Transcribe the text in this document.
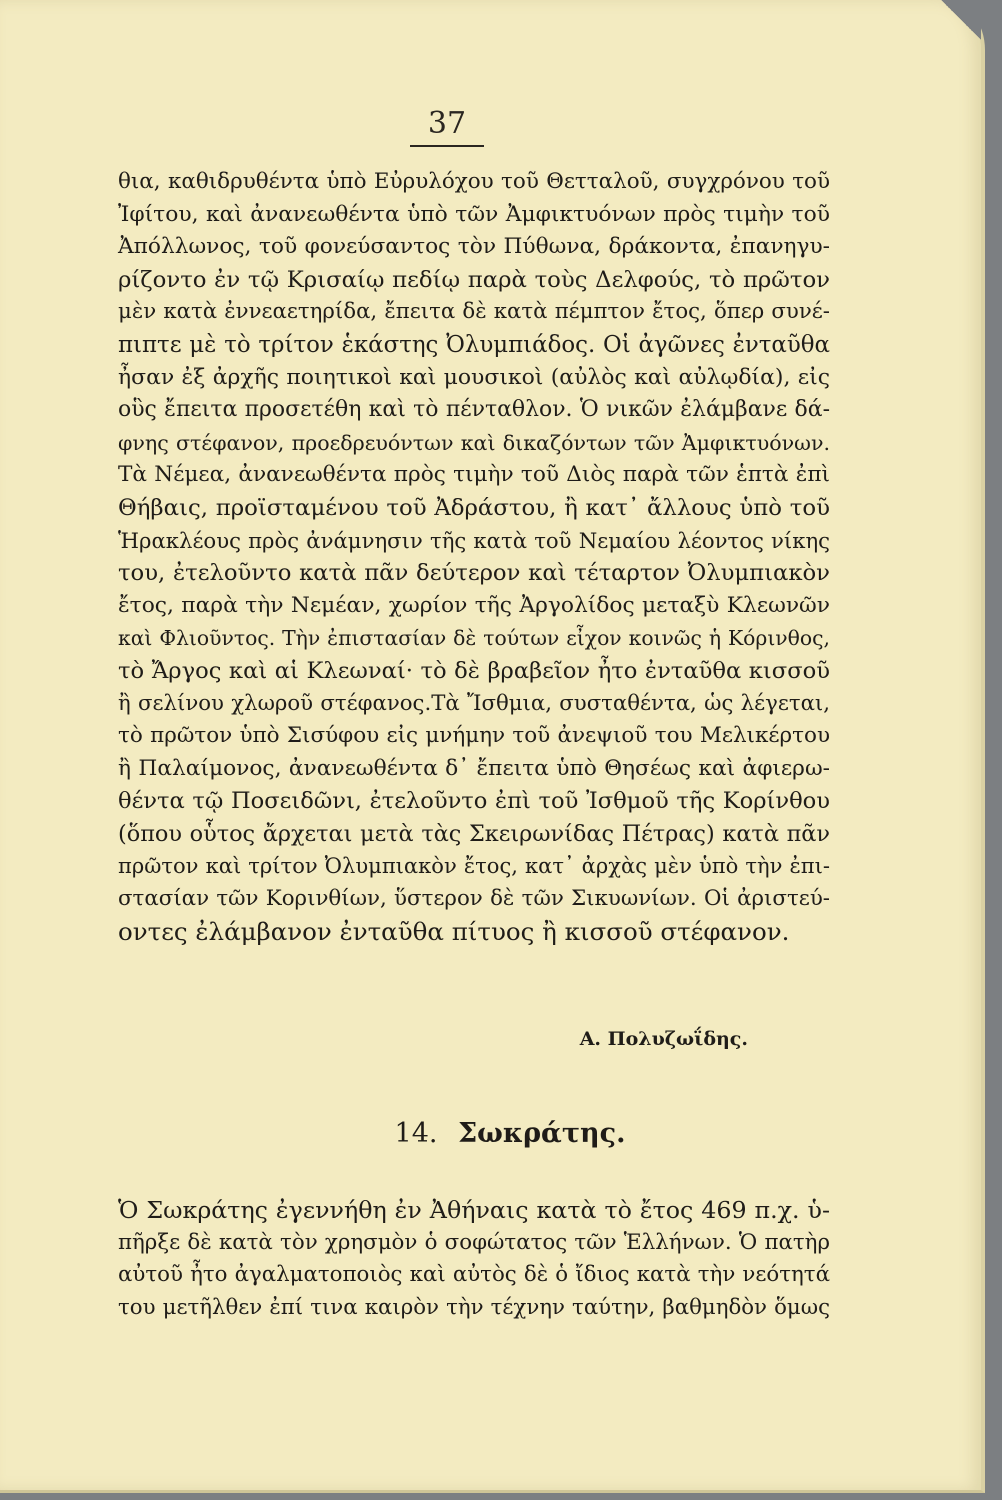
37
θια, καθιδρυθέντα ὑπὸ Εὐρυλόχου τοῦ Θετταλοῦ, συγχρόνου τοῦ
Ἰφίτου, καὶ ἀνανεωθέντα ὑπὸ τῶν Ἀμφικτυόνων πρὸς τιμὴν τοῦ
Ἀπόλλωνος, τοῦ φονεύσαντος τὸν Πύθωνα, δράκοντα, ἐπανηγυ-
ρίζοντο ἐν τῷ Κρισαίῳ πεδίῳ παρὰ τοὺς Δελφούς, τὸ πρῶτον
μὲν κατὰ ἐννεαετηρίδα, ἔπειτα δὲ κατὰ πέμπτον ἔτος, ὅπερ συνέ-
πιπτε μὲ τὸ τρίτον ἑκάστης Ὀλυμπιάδος. Οἱ ἀγῶνες ἐνταῦθα
ἦσαν ἐξ ἀρχῆς ποιητικοὶ καὶ μουσικοὶ (αὐλὸς καὶ αὐλῳδία), εἰς
οὓς ἔπειτα προσετέθη καὶ τὸ πένταθλον. Ὁ νικῶν ἐλάμβανε δά-
φνης στέφανον, προεδρευόντων καὶ δικαζόντων τῶν Ἀμφικτυόνων.
Τὰ Νέμεα, ἀνανεωθέντα πρὸς τιμὴν τοῦ Διὸς παρὰ τῶν ἑπτὰ ἐπὶ
Θήβαις, προϊσταμένου τοῦ Ἀδράστου, ἢ κατ᾽ ἄλλους ὑπὸ τοῦ
Ἡρακλέους πρὸς ἀνάμνησιν τῆς κατὰ τοῦ Νεμαίου λέοντος νίκης
του, ἐτελοῦντο κατὰ πᾶν δεύτερον καὶ τέταρτον Ὀλυμπιακὸν
ἔτος, παρὰ τὴν Νεμέαν, χωρίον τῆς Ἀργολίδος μεταξὺ Κλεωνῶν
καὶ Φλιοῦντος. Τὴν ἐπιστασίαν δὲ τούτων εἶχον κοινῶς ἡ Κόρινθος,
τὸ Ἄργος καὶ αἱ Κλεωναί· τὸ δὲ βραβεῖον ἦτο ἐνταῦθα κισσοῦ
ἢ σελίνου χλωροῦ στέφανος.Τὰ Ἴσθμια, συσταθέντα, ὡς λέγεται,
τὸ πρῶτον ὑπὸ Σισύφου εἰς μνήμην τοῦ ἀνεψιοῦ του Μελικέρτου
ἢ Παλαίμονος, ἀνανεωθέντα δ᾽ ἔπειτα ὑπὸ Θησέως καὶ ἀφιερω-
θέντα τῷ Ποσειδῶνι, ἐτελοῦντο ἐπὶ τοῦ Ἰσθμοῦ τῆς Κορίνθου
(ὅπου οὗτος ἄρχεται μετὰ τὰς Σκειρωνίδας Πέτρας) κατὰ πᾶν
πρῶτον καὶ τρίτον Ὀλυμπιακὸν ἔτος, κατ᾽ ἀρχὰς μὲν ὑπὸ τὴν ἐπι-
στασίαν τῶν Κορινθίων, ὕστερον δὲ τῶν Σικυωνίων. Οἱ ἀριστεύ-
οντες ἐλάμβανον ἐνταῦθα πίτυος ἢ κισσοῦ στέφανον.
Α. Πολυζωΐδης.
14. Σωκράτης.
Ὁ Σωκράτης ἐγεννήθη ἐν Ἀθήναις κατὰ τὸ ἔτος 469 π.χ. ὑ-
πῆρξε δὲ κατὰ τὸν χρησμὸν ὁ σοφώτατος τῶν Ἑλλήνων. Ὁ πατὴρ
αὐτοῦ ἦτο ἀγαλματοποιὸς καὶ αὐτὸς δὲ ὁ ἴδιος κατὰ τὴν νεότητά
του μετῆλθεν ἐπί τινα καιρὸν τὴν τέχνην ταύτην, βαθμηδὸν ὅμως
